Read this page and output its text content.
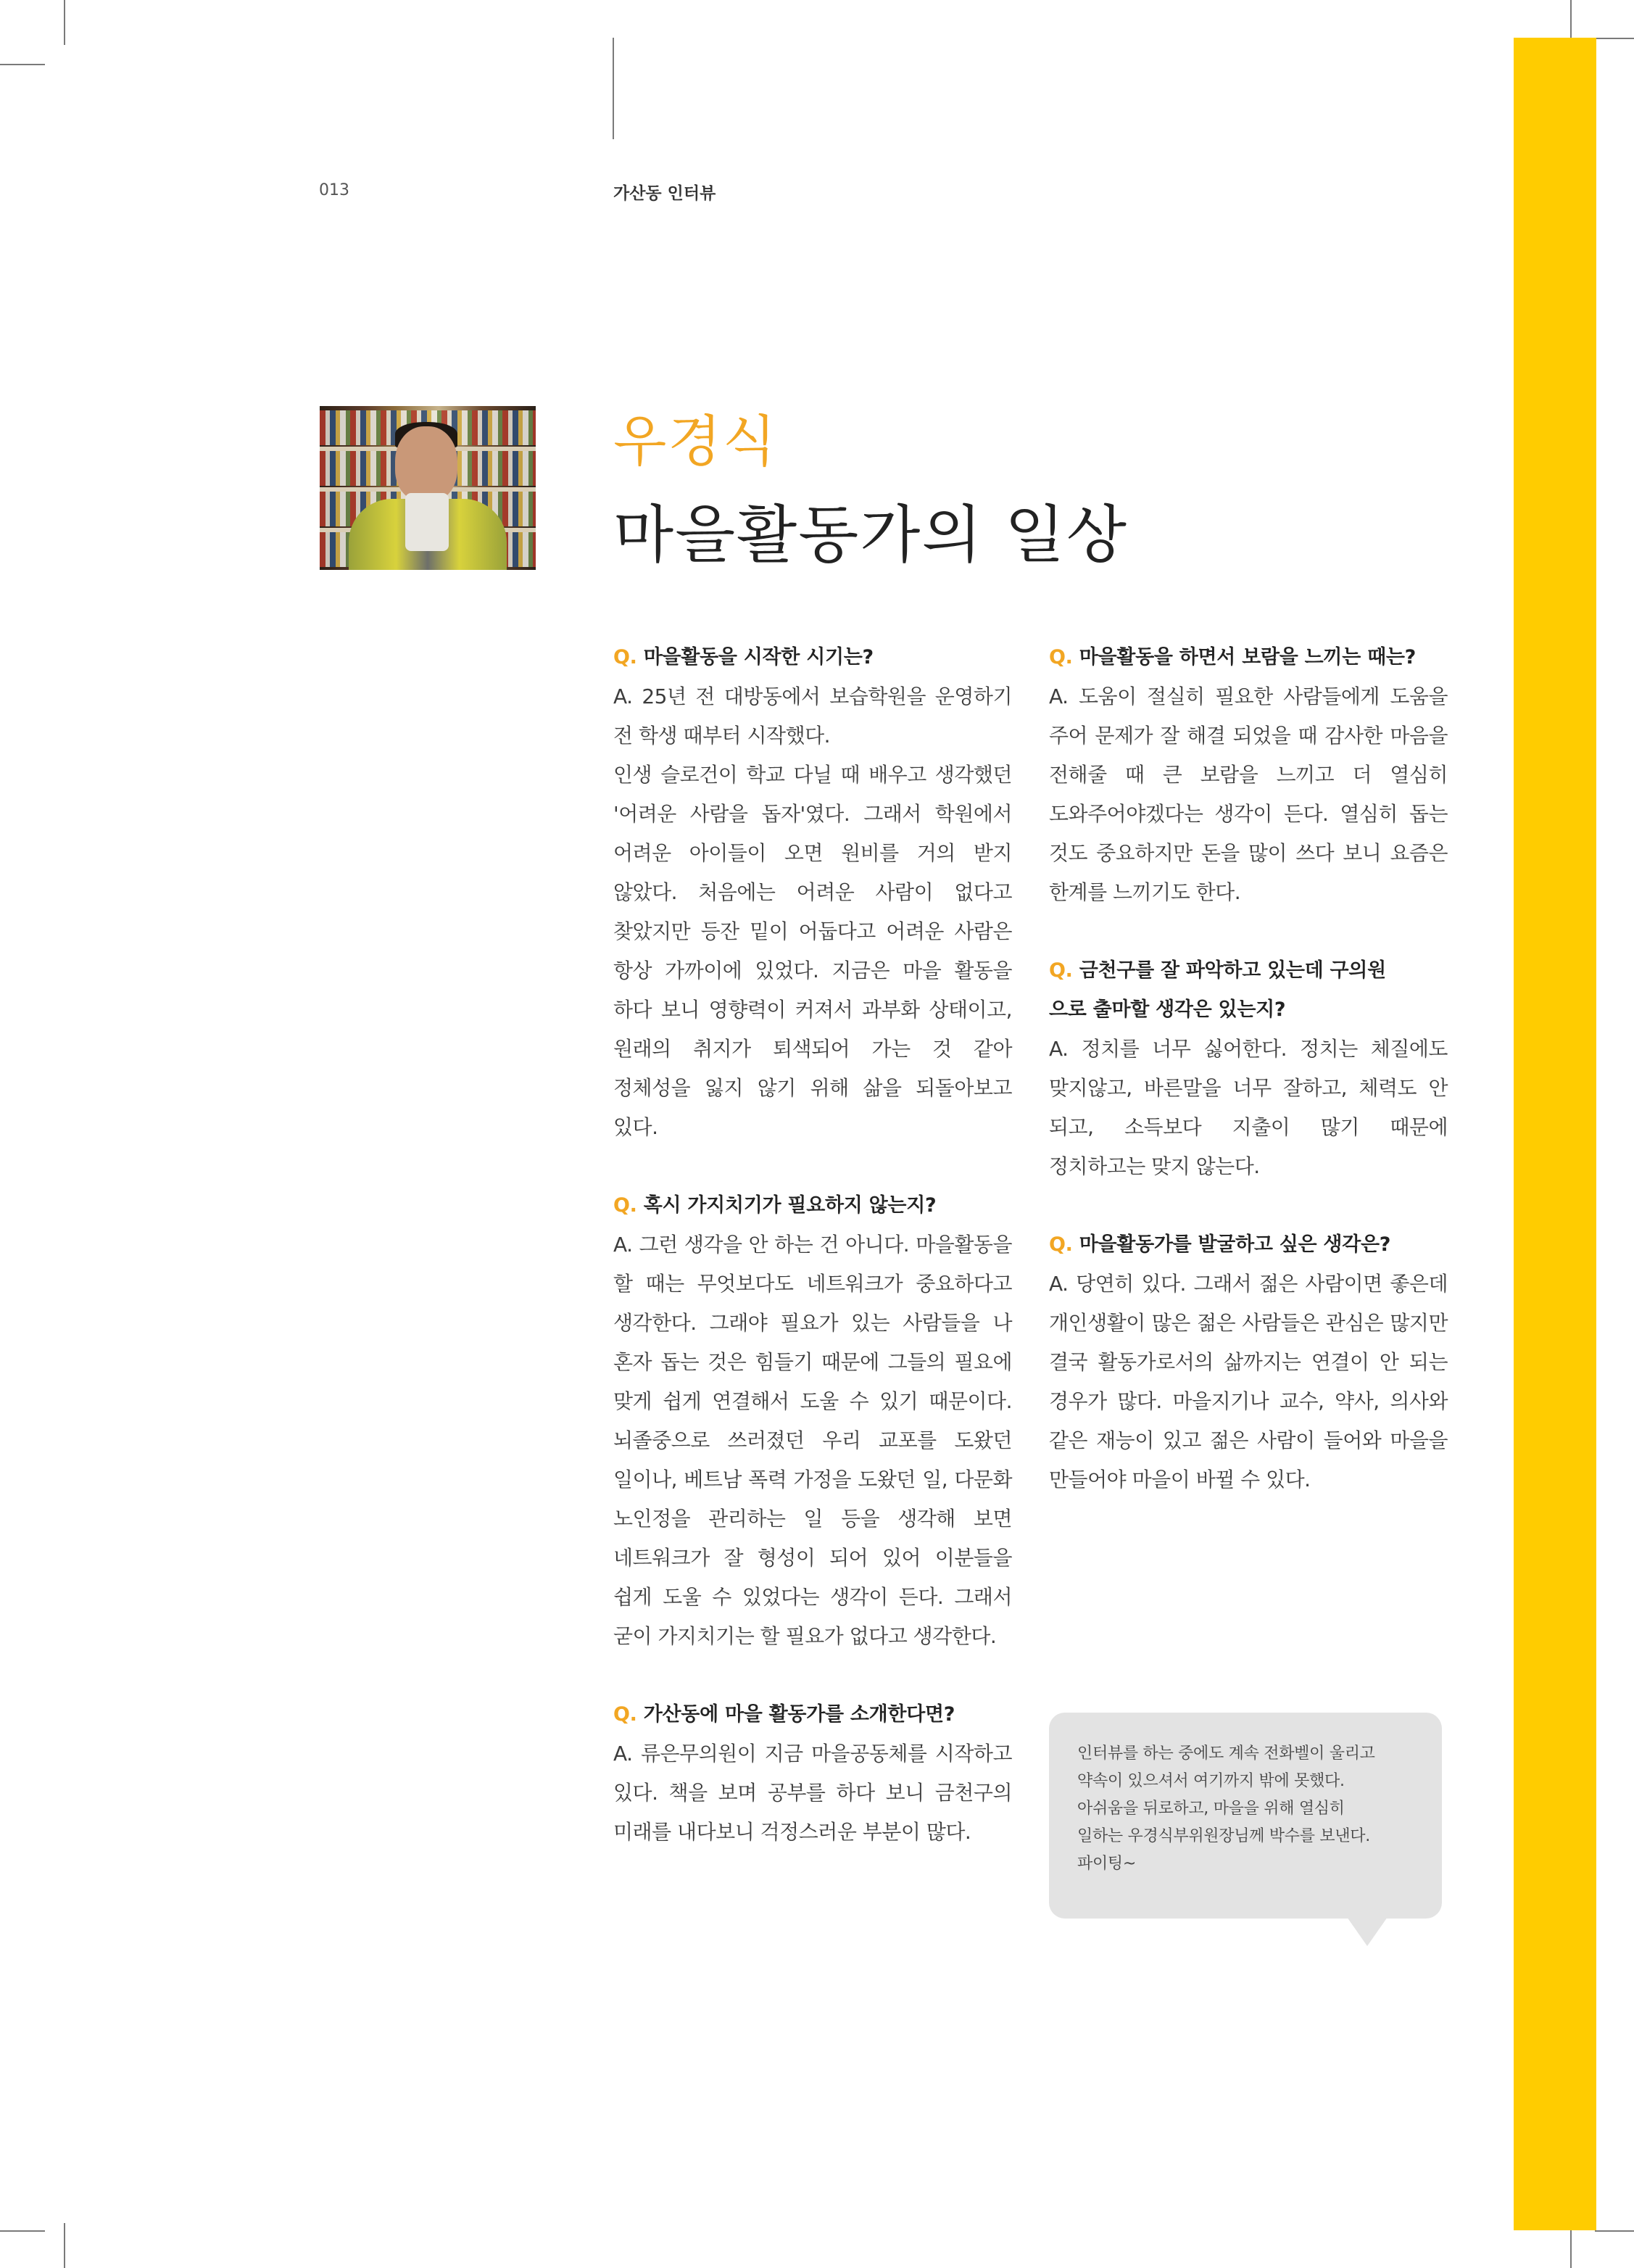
013	가산동 인터뷰
우경식
마을활동가의 일상
Q. 마을활동을 시작한 시기는?
A. 25년 전 대방동에서 보습학원을 운영하기 전 학생 때부터 시작했다.
인생 슬로건이 학교 다닐 때 배우고 생각했던 '어려운 사람을 돕자'였다. 그래서 학원에서 어려운 아이들이 오면 원비를 거의 받지 않았다. 처음에는 어려운 사람이 없다고 찾았지만 등잔 밑이 어둡다고 어려운 사람은 항상 가까이에 있었다. 지금은 마을 활동을 하다 보니 영향력이 커져서 과부화 상태이고, 원래의 취지가 퇴색되어 가는 것 같아 정체성을 잃지 않기 위해 삶을 되돌아보고 있다.
Q. 혹시 가지치기가 필요하지 않는지?
A. 그런 생각을 안 하는 건 아니다. 마을활동을 할 때는 무엇보다도 네트워크가 중요하다고 생각한다. 그래야 필요가 있는 사람들을 나 혼자 돕는 것은 힘들기 때문에 그들의 필요에 맞게 쉽게 연결해서 도울 수 있기 때문이다. 뇌졸중으로 쓰러졌던 우리 교포를 도왔던 일이나, 베트남 폭력 가정을 도왔던 일, 다문화 노인정을 관리하는 일 등을 생각해 보면 네트워크가 잘 형성이 되어 있어 이분들을 쉽게 도울 수 있었다는 생각이 든다. 그래서 굳이 가지치기는 할 필요가 없다고 생각한다.
Q. 가산동에 마을 활동가를 소개한다면?
A. 류은무의원이 지금 마을공동체를 시작하고 있다. 책을 보며 공부를 하다 보니 금천구의 미래를 내다보니 걱정스러운 부분이 많다.
Q. 마을활동을 하면서 보람을 느끼는 때는?
A. 도움이 절실히 필요한 사람들에게 도움을 주어 문제가 잘 해결 되었을 때 감사한 마음을 전해줄 때 큰 보람을 느끼고 더 열심히 도와주어야겠다는 생각이 든다. 열심히 돕는 것도 중요하지만 돈을 많이 쓰다 보니 요즘은 한계를 느끼기도 한다.
Q. 금천구를 잘 파악하고 있는데 구의원
으로 출마할 생각은 있는지?
A. 정치를 너무 싫어한다. 정치는 체질에도 맞지않고, 바른말을 너무 잘하고, 체력도 안 되고, 소득보다 지출이 많기 때문에 정치하고는 맞지 않는다.
Q. 마을활동가를 발굴하고 싶은 생각은?
A. 당연히 있다. 그래서 젊은 사람이면 좋은데 개인생활이 많은 젊은 사람들은 관심은 많지만 결국 활동가로서의 삶까지는 연결이 안 되는 경우가 많다. 마을지기나 교수, 약사, 의사와 같은 재능이 있고 젊은 사람이 들어와 마을을 만들어야 마을이 바뀔 수 있다.
인터뷰를 하는 중에도 계속 전화벨이 울리고
약속이 있으셔서 여기까지 밖에 못했다.
아쉬움을 뒤로하고, 마을을 위해 열심히
일하는 우경식부위원장님께 박수를 보낸다.
파이팅~
